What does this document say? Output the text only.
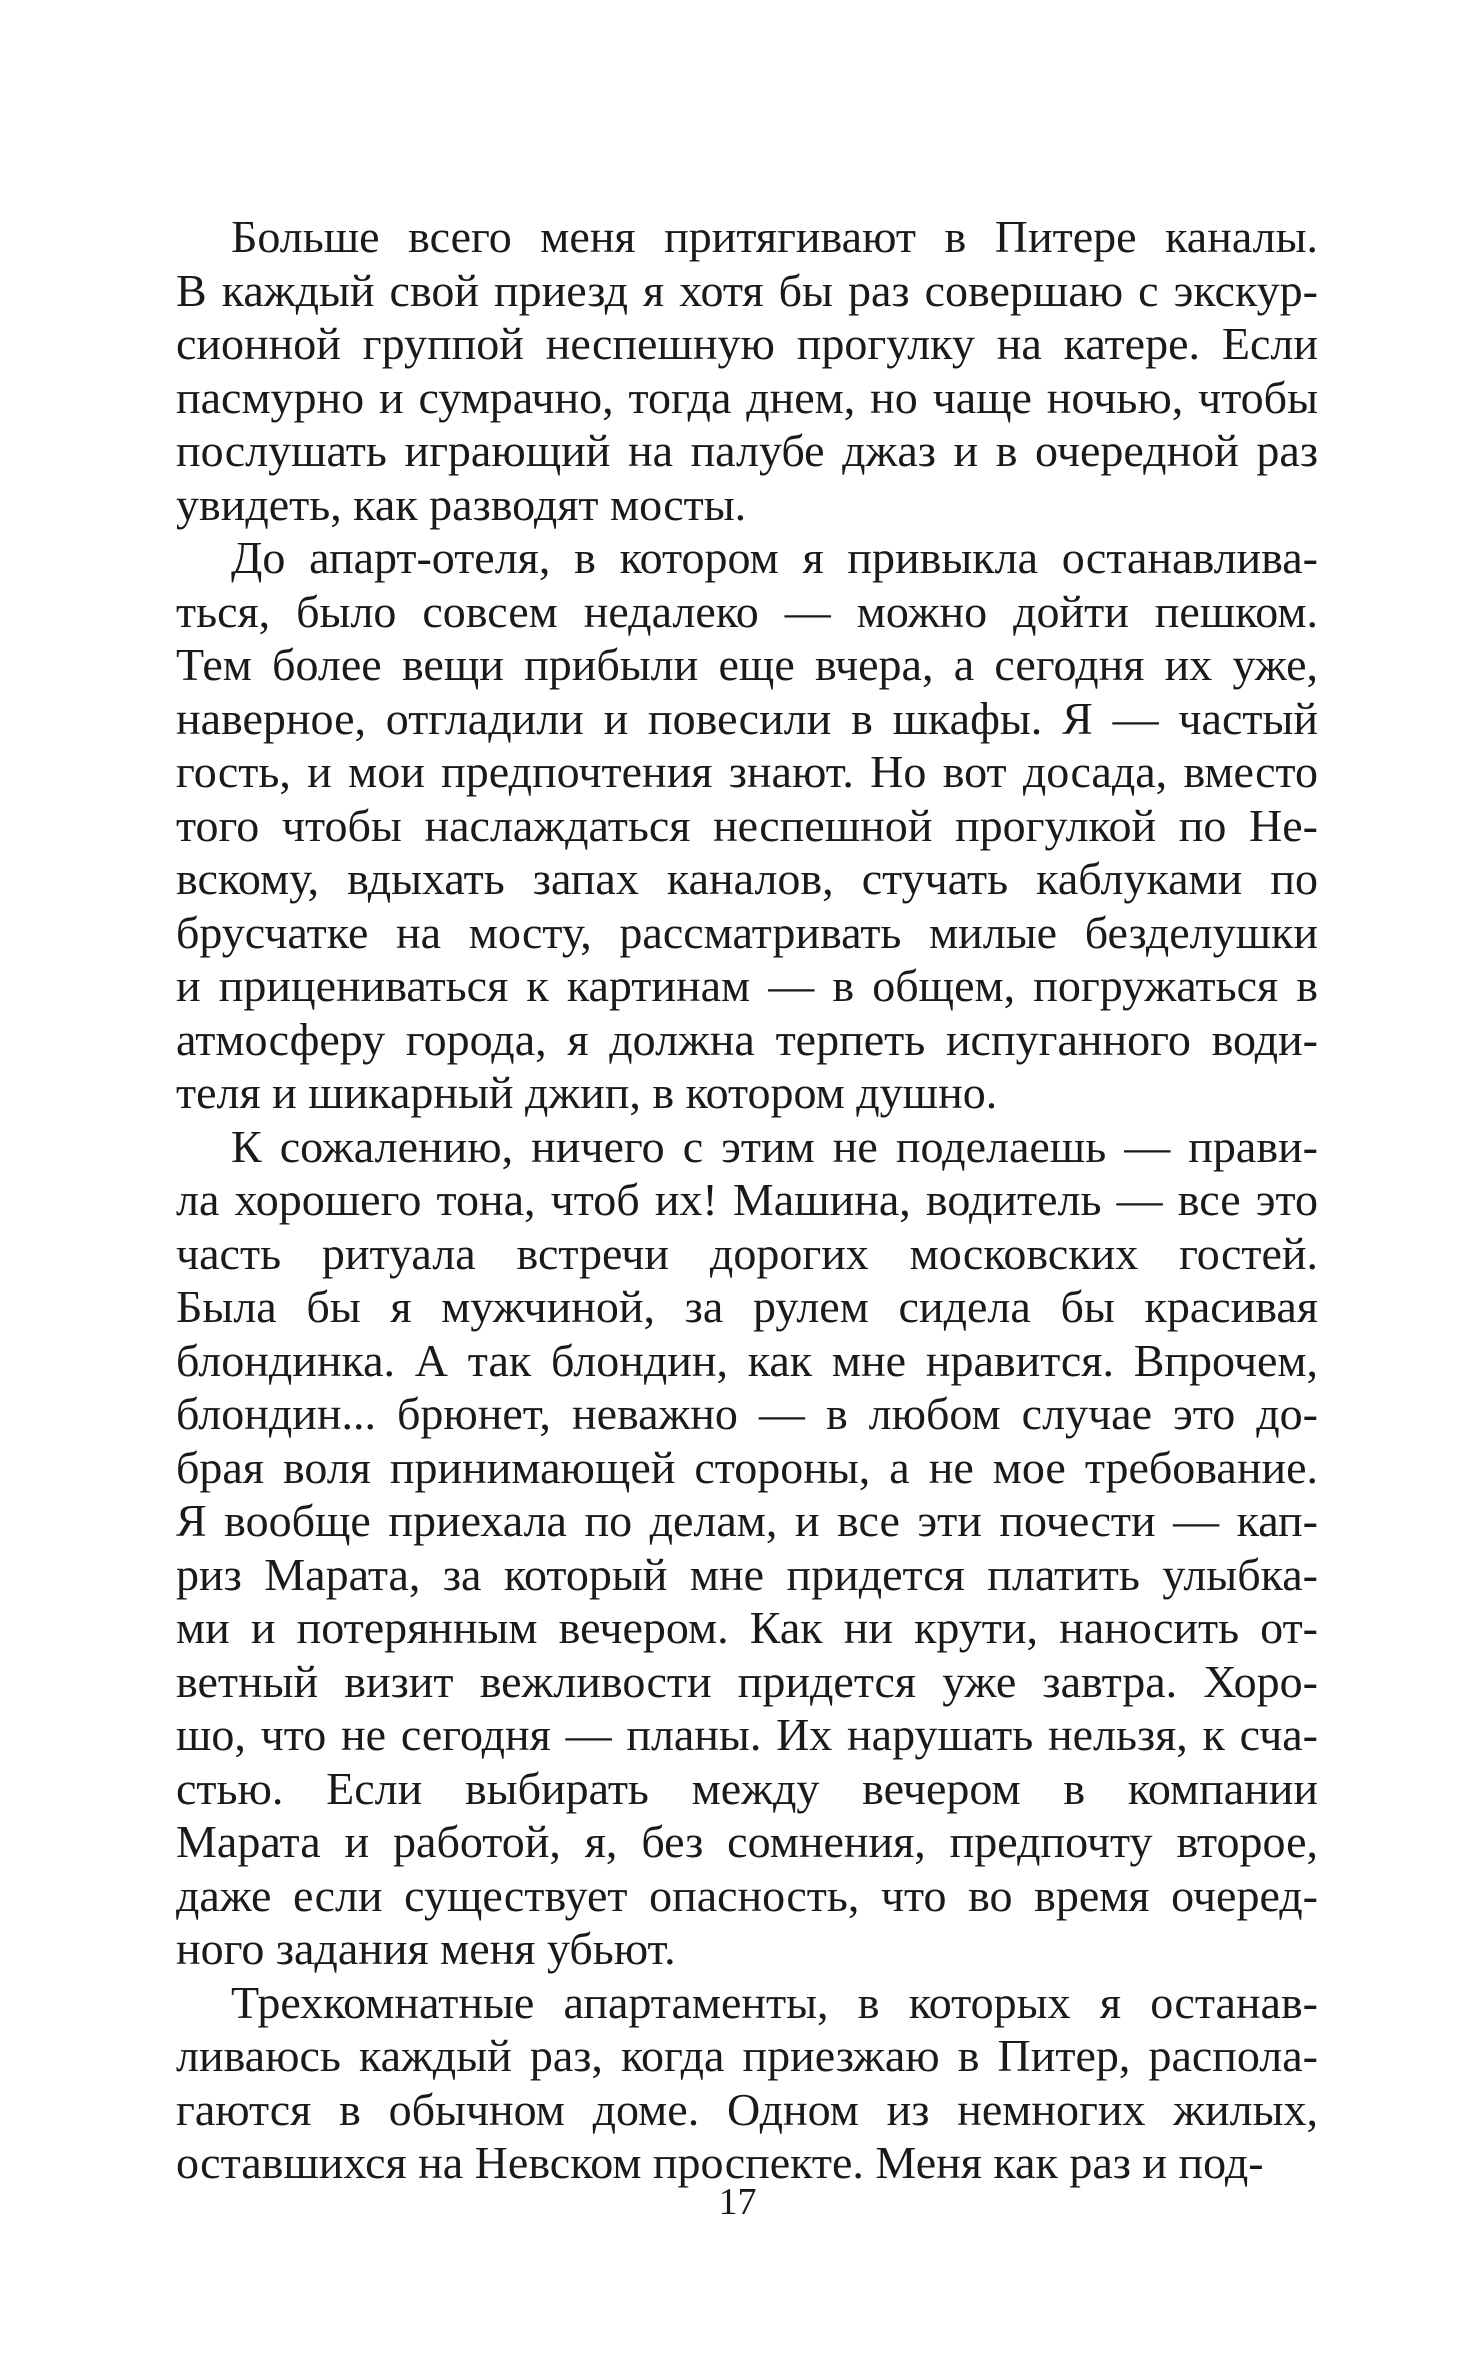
Больше всего меня притягивают в Питере каналы.
В каждый свой приезд я хотя бы раз совершаю с экскур-
сионной группой неспешную прогулку на катере. Если
пасмурно и сумрачно, тогда днем, но чаще ночью, чтобы
послушать играющий на палубе джаз и в очередной раз
увидеть, как разводят мосты.
До апарт-отеля, в котором я привыкла останавлива-
ться, было совсем недалеко — можно дойти пешком.
Тем более вещи прибыли еще вчера, а сегодня их уже,
наверное, отгладили и повесили в шкафы. Я — частый
гость, и мои предпочтения знают. Но вот досада, вместо
того чтобы наслаждаться неспешной прогулкой по Не-
вскому, вдыхать запах каналов, стучать каблуками по
брусчатке на мосту, рассматривать милые безделушки
и прицениваться к картинам — в общем, погружаться в
атмосферу города, я должна терпеть испуганного води-
теля и шикарный джип, в котором душно.
К сожалению, ничего с этим не поделаешь — прави-
ла хорошего тона, чтоб их! Машина, водитель — все это
часть ритуала встречи дорогих московских гостей.
Была бы я мужчиной, за рулем сидела бы красивая
блондинка. А так блондин, как мне нравится. Впрочем,
блондин... брюнет, неважно — в любом случае это до-
брая воля принимающей стороны, а не мое требование.
Я вообще приехала по делам, и все эти почести — кап-
риз Марата, за который мне придется платить улыбка-
ми и потерянным вечером. Как ни крути, наносить от-
ветный визит вежливости придется уже завтра. Хоро-
шо, что не сегодня — планы. Их нарушать нельзя, к сча-
стью. Если выбирать между вечером в компании
Марата и работой, я, без сомнения, предпочту второе,
даже если существует опасность, что во время очеред-
ного задания меня убьют.
Трехкомнатные апартаменты, в которых я останав-
ливаюсь каждый раз, когда приезжаю в Питер, распола-
гаются в обычном доме. Одном из немногих жилых,
оставшихся на Невском проспекте. Меня как раз и под-
17
